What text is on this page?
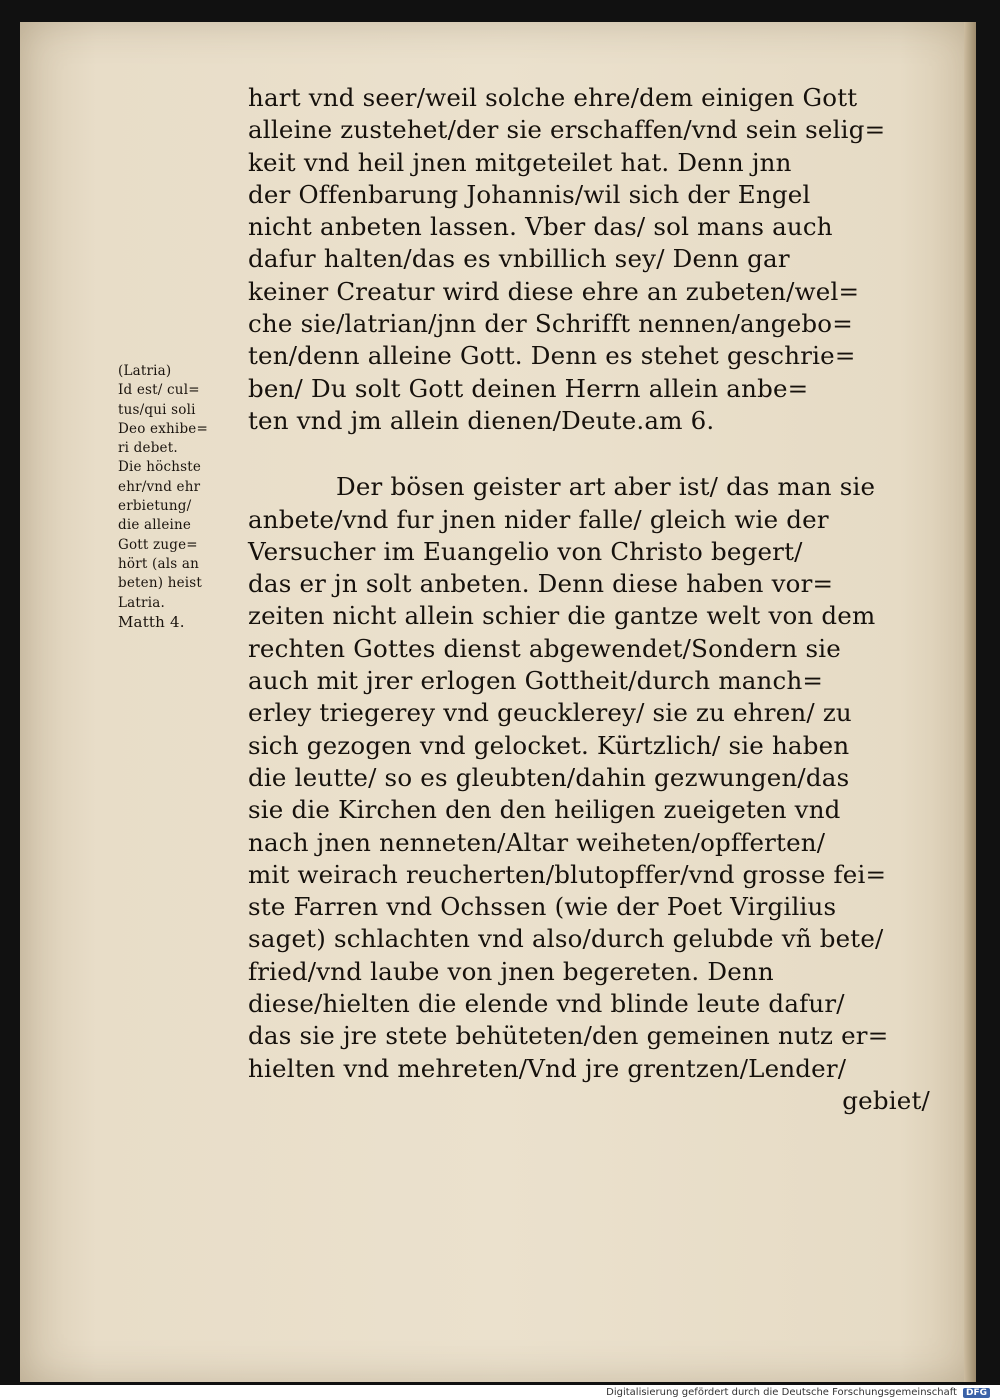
hart vnd seer/weil solche ehre/dem einigen Gott
alleine zustehet/der sie erschaffen/vnd sein selig=
keit vnd heil jnen mitgeteilet hat. Denn jnn
der Offenbarung Johannis/wil sich der Engel
nicht anbeten lassen. Vber das/ sol mans auch
dafur halten/das es vnbillich sey/ Denn gar
keiner Creatur wird diese ehre an zubeten/wel=
che sie/latrian/jnn der Schrifft nennen/angebo=
ten/denn alleine Gott. Denn es stehet geschrie=
ben/ Du solt Gott deinen Herrn allein anbe=
ten vnd jm allein dienen/Deute.am 6.
Der bösen geister art aber ist/ das man sie
anbete/vnd fur jnen nider falle/ gleich wie der
Versucher im Euangelio von Christo begert/
das er jn solt anbeten. Denn diese haben vor=
zeiten nicht allein schier die gantze welt von dem
rechten Gottes dienst abgewendet/Sondern sie
auch mit jrer erlogen Gottheit/durch manch=
erley triegerey vnd geucklerey/ sie zu ehren/ zu
sich gezogen vnd gelocket. Kürtzlich/ sie haben
die leutte/ so es gleubten/dahin gezwungen/das
sie die Kirchen den den heiligen zueigeten vnd
nach jnen nenneten/Altar weiheten/opfferten/
mit weirach reucherten/blutopffer/vnd grosse fei=
ste Farren vnd Ochssen (wie der Poet Virgilius
saget) schlachten vnd also/durch gelubde vñ bete/
fried/vnd laube von jnen begereten. Denn
diese/hielten die elende vnd blinde leute dafur/
das sie jre stete behüteten/den gemeinen nutz er=
hielten vnd mehreten/Vnd jre grentzen/Lender/
gebiet/
(Latria)
Id est/ cul=
tus/qui soli
Deo exhibe=
ri debet.
Die höchste
ehr/vnd ehr
erbietung/
die alleine
Gott zuge=
hört (als an
beten) heist
Latria.
Matth 4.
Digitalisierung gefördert durch die Deutsche Forschungsgemeinschaft	DFG
